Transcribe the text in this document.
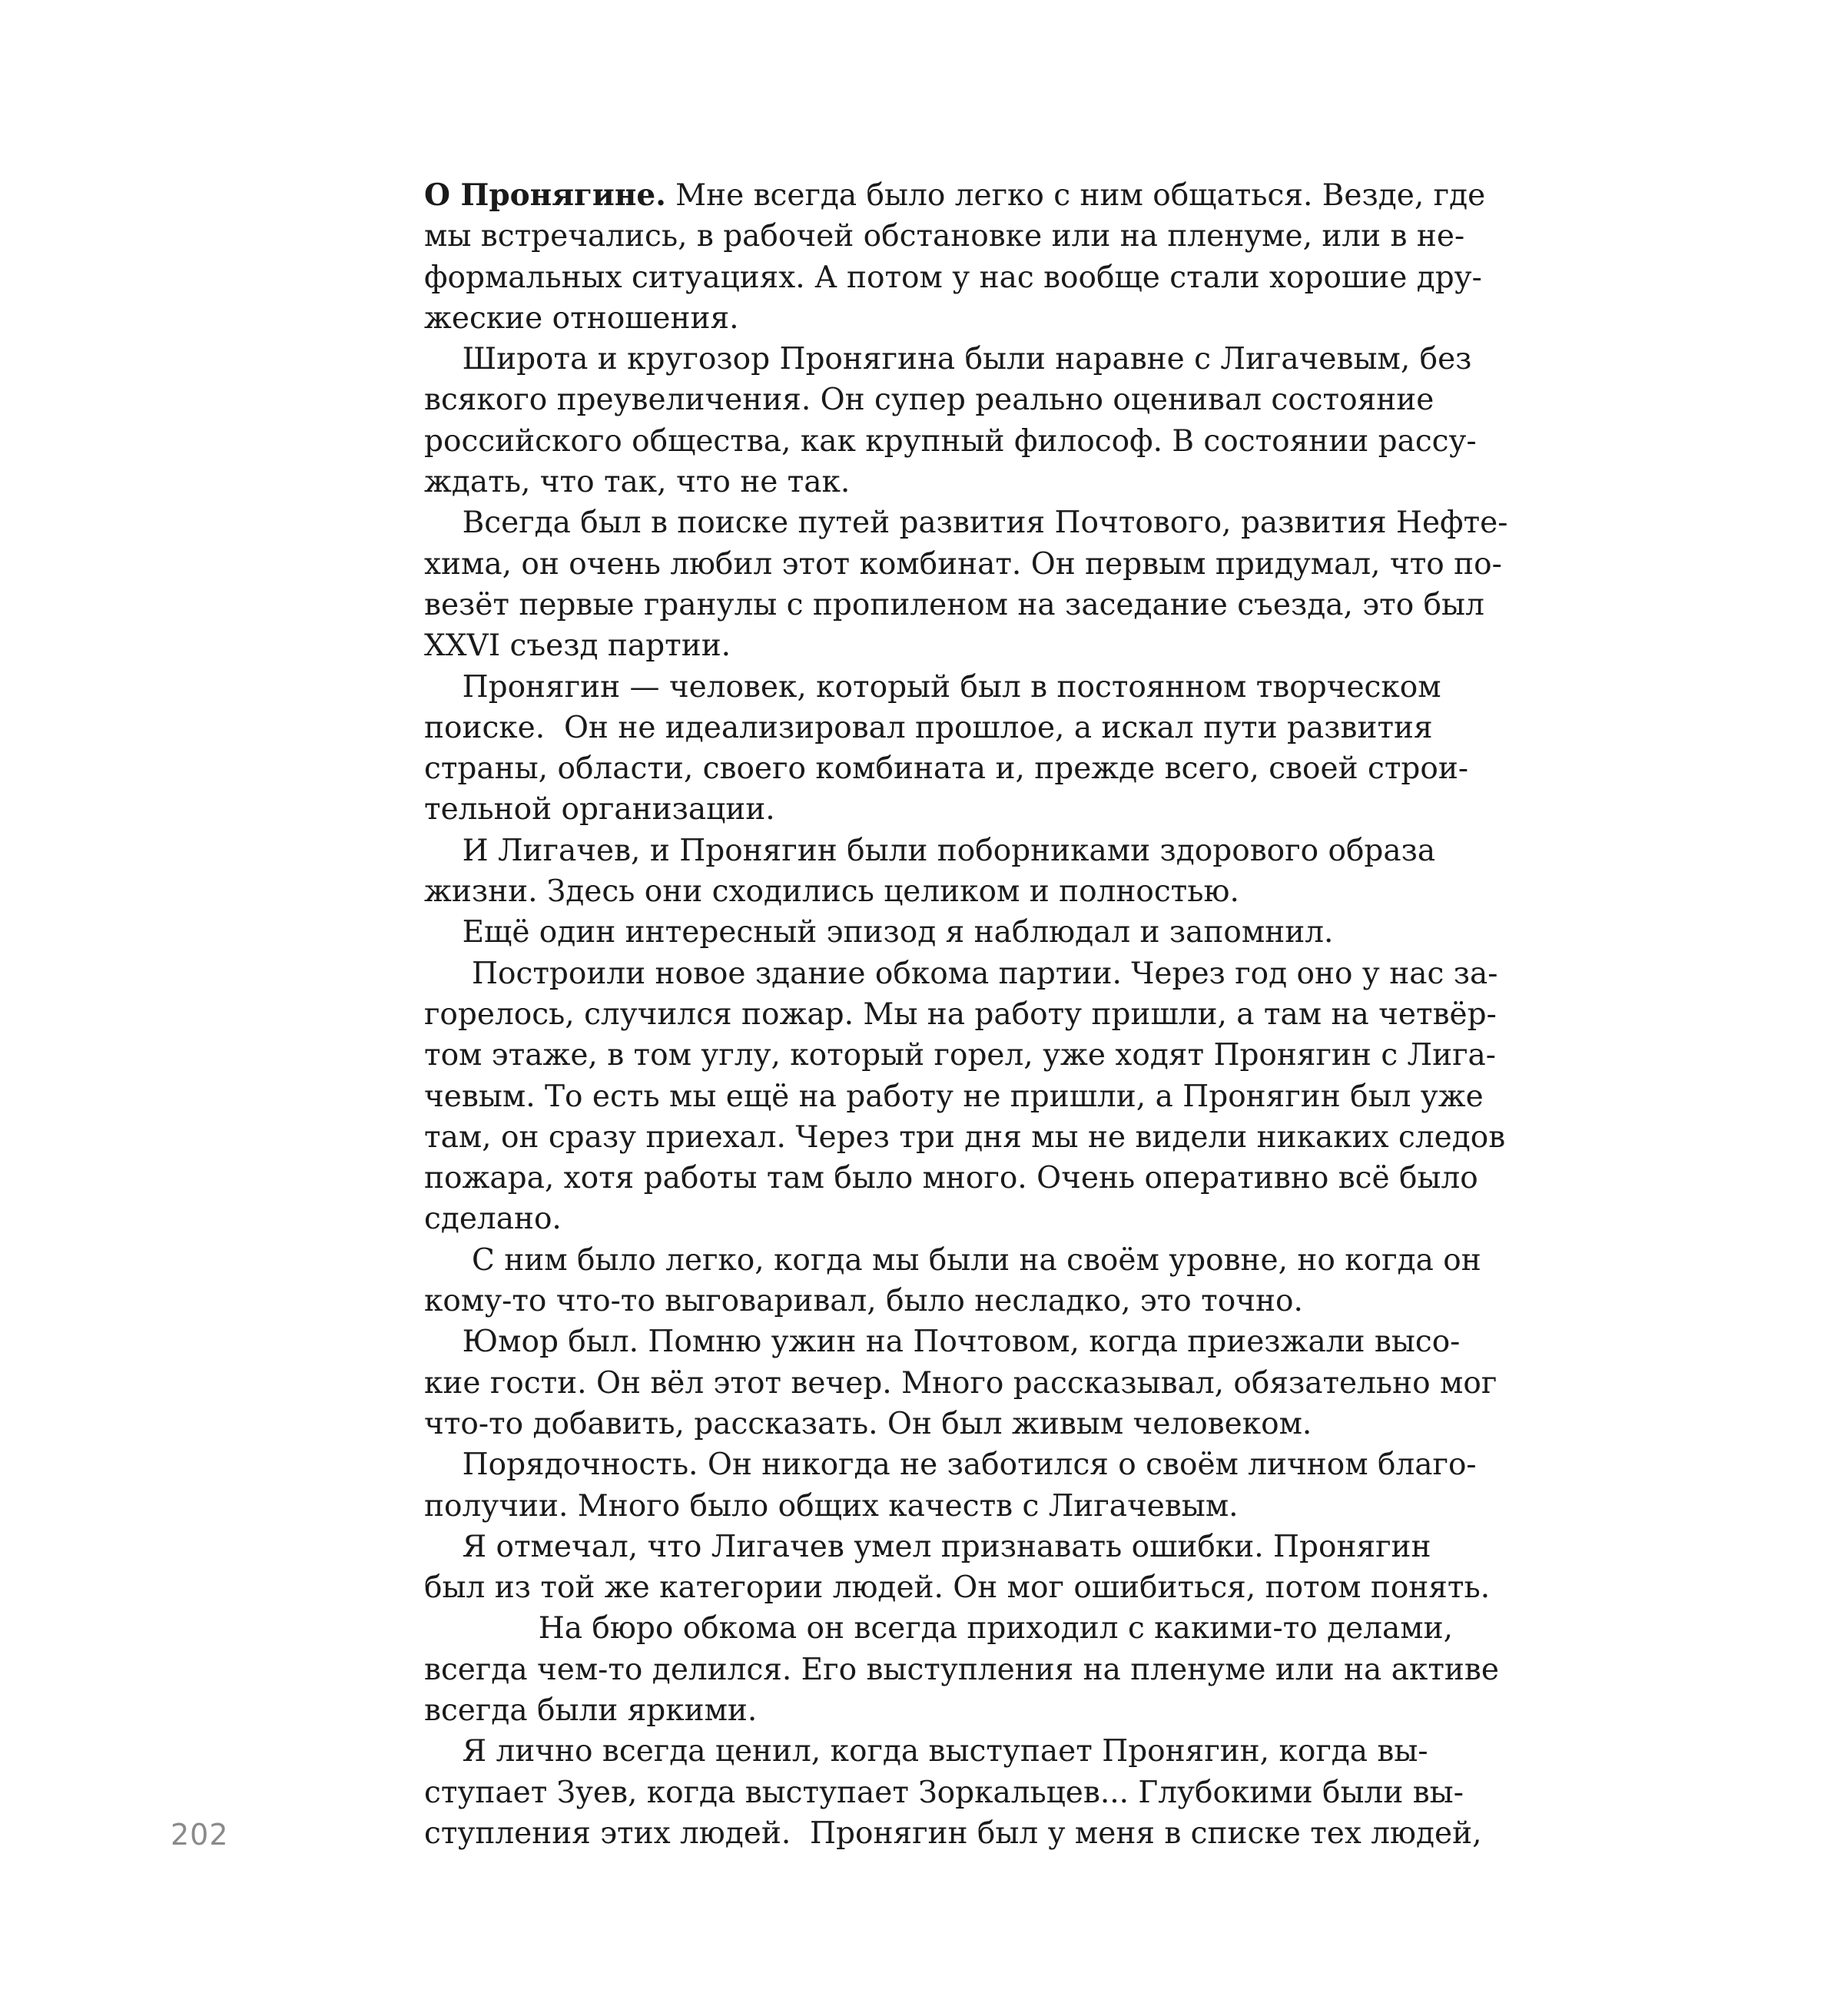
О Пронягине. Мне всегда было легко с ним общаться. Везде, где
мы встречались, в рабочей обстановке или на пленуме, или в не-
формальных ситуациях. А потом у нас вообще стали хорошие дру-
жеские отношения.
Широта и кругозор Пронягина были наравне с Лигачевым, без
всякого преувеличения. Он супер реально оценивал состояние
российского общества, как крупный философ. В состоянии рассу-
ждать, что так, что не так.
Всегда был в поиске путей развития Почтового, развития Нефте-
хима, он очень любил этот комбинат. Он первым придумал, что по-
везёт первые гранулы с пропиленом на заседание съезда, это был
XXVI съезд партии.
Пронягин — человек, который был в постоянном творческом
поиске.  Он не идеализировал прошлое, а искал пути развития
страны, области, своего комбината и, прежде всего, своей строи-
тельной организации.
И Лигачев, и Пронягин были поборниками здорового образа
жизни. Здесь они сходились целиком и полностью.
Ещё один интересный эпизод я наблюдал и запомнил.
Построили новое здание обкома партии. Через год оно у нас за-
горелось, случился пожар. Мы на работу пришли, а там на четвёр-
том этаже, в том углу, который горел, уже ходят Пронягин с Лига-
чевым. То есть мы ещё на работу не пришли, а Пронягин был уже
там, он сразу приехал. Через три дня мы не видели никаких следов
пожара, хотя работы там было много. Очень оперативно всё было
сделано.
С ним было легко, когда мы были на своём уровне, но когда он
кому-то что-то выговаривал, было несладко, это точно.
Юмор был. Помню ужин на Почтовом, когда приезжали высо-
кие гости. Он вёл этот вечер. Много рассказывал, обязательно мог
что-то добавить, рассказать. Он был живым человеком.
Порядочность. Он никогда не заботился о своём личном благо-
получии. Много было общих качеств с Лигачевым.
Я отмечал, что Лигачев умел признавать ошибки. Пронягин
был из той же категории людей. Он мог ошибиться, потом понять.
На бюро обкома он всегда приходил с какими-то делами,
всегда чем-то делился. Его выступления на пленуме или на активе
всегда были яркими.
Я лично всегда ценил, когда выступает Пронягин, когда вы-
ступает Зуев, когда выступает Зоркальцев... Глубокими были вы-
ступления этих людей.  Пронягин был у меня в списке тех людей,
202
